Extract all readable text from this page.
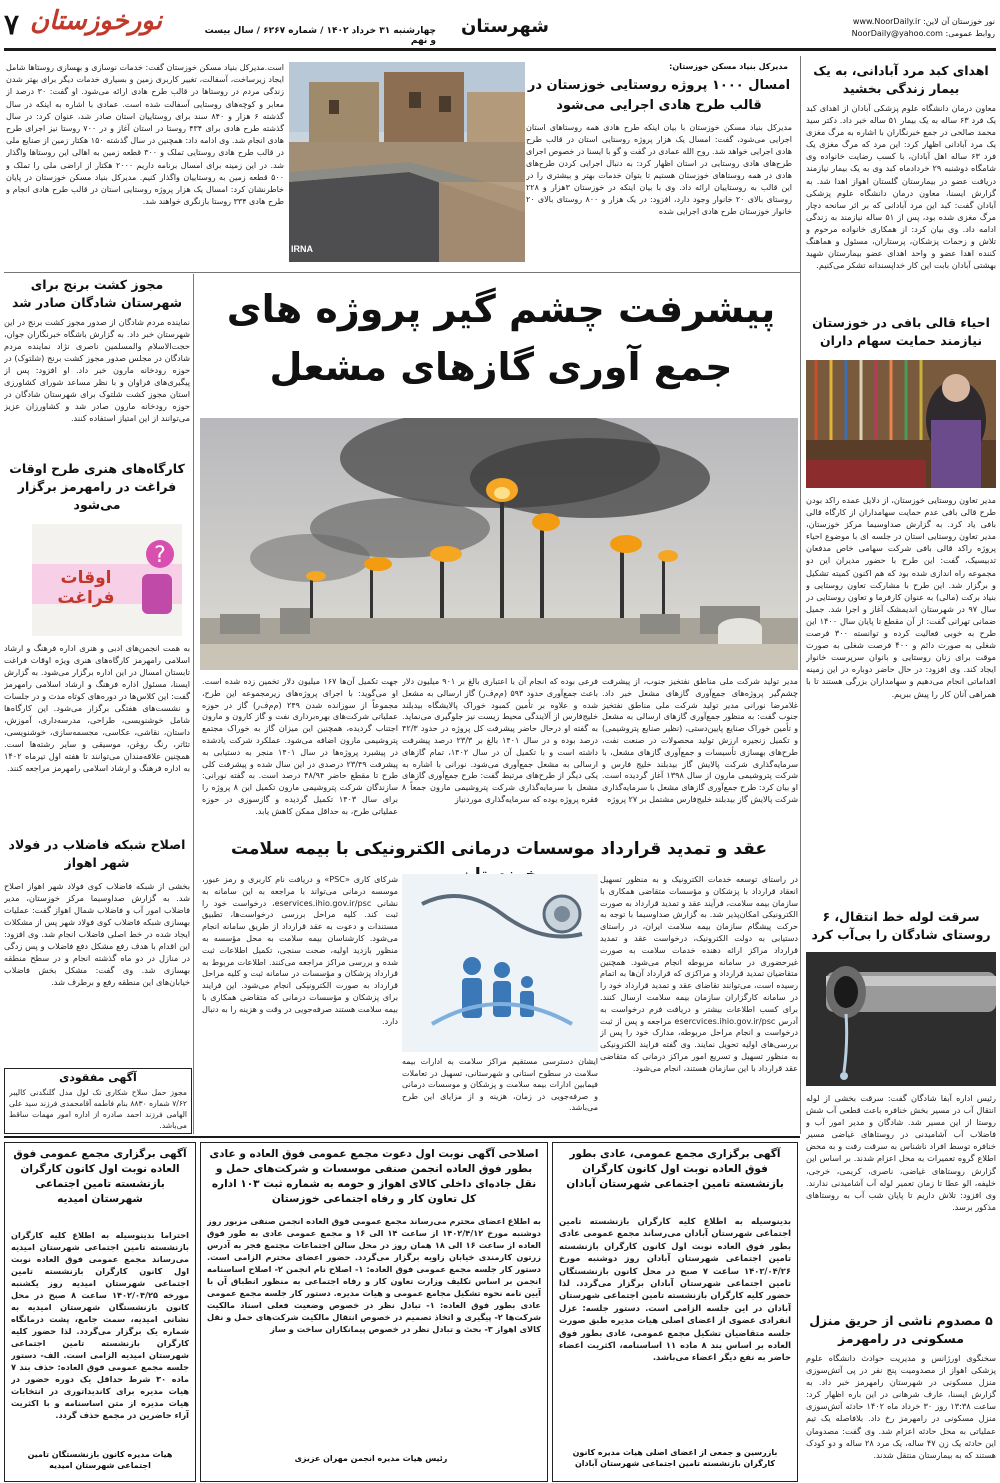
۷ نورخوزستان	چهارشنبه ۳۱ خرداد ۱۴۰۲ / شماره ۶۲۶۷ / سال بیست و نهم
شهرستان	نور خوزستان آن لاین: www.NoorDaily.ir
روابط عمومی: NoorDaily@yahoo.com
مدیرکل بنیاد مسکن خوزستان:
امسال ۱۰۰۰ پروژه روستایی خوزستان در قالب طرح هادی اجرایی می‌شود
مدیرکل بنیاد مسکن خوزستان با بیان اینکه طرح هادی همه روستاهای استان اجرایی می‌شود، گفت: امسال یک هزار پروژه روستایی استان در قالب طرح هادی اجرایی خواهد شد. روح الله عمادی در گفت و گو با ایسنا در خصوص اجرای طرح‌های هادی روستایی در استان اظهار کرد: به دنبال اجرایی کردن طرح‌های هادی در همه روستاهای خوزستان هستیم تا بتوان خدمات بهتر و بیشتری را در این قالب به روستاییان ارائه داد. وی با بیان اینکه در خوزستان ۳هزار و ۲۲۸ روستای بالای ۲۰ خانوار وجود دارد، افزود: در یک هزار و ۸۰۰ روستای بالای ۲۰ خانوار خوزستان طرح هادی اجرایی شده
IRNA
است.مدیرکل بنیاد مسکن خوزستان گفت: خدمات نوسازی و بهسازی روستاها شامل ایجاد زیرساخت، آسفالت، تغییر کاربری زمین و بسیاری خدمات دیگر برای بهتر شدن زندگی مردم در روستاها در قالب طرح هادی ارائه می‌شود. او گفت: ۳۰ درصد از معابر و کوچه‌های روستایی آسفالت شده است. عمادی با اشاره به اینکه در سال گذشته ۶ هزار و ۸۴۰ سند برای روستاییان استان صادر شد، عنوان کرد: در سال گذشته طرح هادی برای ۴۳۴ روستا در استان آغاز و در ۷۰۰ روستا نیز اجرای طرح هادی انجام شد. وی ادامه داد: همچنین در سال گذشته ۱۵۰ هکتار زمین از صنایع ملی در قالب طرح هادی روستایی تملک و ۳۰۰ قطعه زمین به اهالی این روستاها واگذار شد. در این زمینه برای امسال برنامه داریم ۲۰۰۰ هکتار از اراضی ملی را تملک و ۵۰۰ قطعه زمین به روستاییان واگذار کنیم. مدیرکل بنیاد مسکن خوزستان در پایان خاطرنشان کرد: امسال یک هزار پروژه روستایی استان در قالب طرح هادی انجام و طرح هادی ۳۳۴ روستا بازنگری خواهند شد.
اهدای کبد مرد آبادانی، به یک بیمار زندگی بخشید
معاون درمان دانشگاه علوم پزشکی آبادان از اهدای کبد یک فرد ۶۳ ساله به یک بیمار ۵۱ ساله خبر داد. دکتر سید محمد صالحی در جمع خبرنگاران با اشاره به مرگ مغزی یک مرد آبادانی اظهار کرد: این مرد که مرگ مغزی یک فرد ۶۳ ساله اهل آبادان، با کسب رضایت خانواده وی شامگاه دوشنبه ۲۹ خردادماه کبد وی به یک بیمار نیازمند دریافت عضو در بیمارستان گلستان اهواز اهدا شد. به گزارش ایسنا، معاون درمان دانشگاه علوم پزشکی آبادان گفت: کبد این مرد آبادانی که بر اثر سانحه دچار مرگ مغزی شده بود، پس از ۵۱ ساله نیازمند به زندگی ادامه داد. وی بیان کرد: از همکاری خانواده مرحوم و تلاش و زحمات پزشکان، پرستاران، مسئول و هماهنگ کننده اهدا عضو و واحد اهدای عضو بیمارستان شهید بهشتی آبادان بابت این کار خداپسندانه تشکر می‌کنیم.
احیاء قالی بافی در خوزستان نیازمند حمایت سهام داران
مدیر تعاون روستایی خوزستان، از دلایل عمده راکد بودن طرح قالی بافی عدم حمایت سهامداران از کارگاه قالی بافی یاد کرد. به گزارش صداوسیما مرکز خوزستان، مدیر تعاون روستایی استان در جلسه ای با موضوع احیاء پروژه راکد قالی بافی شرکت سهامی خاص مدفعان تدبیسیک، گفت: این طرح با حضور مدیران این دو مجموعه راه اندازی شده بود که هم اکنون کمیته تشکیل و برگزار شد. این طرح با مشارکت تعاون روستایی و بنیاد برکت (مالی) به عنوان کارفرما و تعاون روستایی در سال ۹۷ در شهرستان اندیمشک آغاز و اجرا شد. جمیل ضمانی تهرانی گفت: از آن مقطع تا پایان سال ۱۴۰۰ این طرح به خوبی فعالیت کرده و توانسته ۳۰۰ فرصت شغلی به صورت دائم و ۴۰۰ فرصت شغلی به صورت موقت برای زنان روستایی و بانوان سرپرست خانوار ایجاد کند. وی افزود: در حال حاضر دوباره در این زمینه اقداماتی انجام می‌دهیم و سهامداران بزرگی هستند تا با همراهی آنان کار را پیش ببریم.
سرقت لوله خط انتقال، ۶ روستای شادگان را بی‌آب کرد
رئیس اداره آبفا شادگان گفت: سرقت بخشی از لوله انتقال آب در مسیر بخش خنافره باعث قطعی آب شش روستا از این مسیر شد. شادگان و مدیر امور آب و فاضلاب آب آشامیدنی در روستاهای غیاضی مسیر خنافره توسط افراد ناشناس به سرقت رفت و به محض اطلاع گروه تعمیرات به محل اعزام شدند. بر اساس این گزارش روستاهای غیاضی، ناصری، کریمی، خرجی، خلیفه، الو عطا تا زمان تعمیر لوله آب آشامیدنی ندارند. وی افزود: تلاش داریم تا پایان شب آب به روستاهای مذکور برسد.
۵ مصدوم ناشی از حریق منزل مسکونی در رامهرمز
سخنگوی اورژانس و مدیریت حوادث دانشگاه علوم پزشکی اهواز از مصدومیت پنج نفر در پی آتش‌سوزی منزل مسکونی در شهرستان رامهرمز خبر داد. به گزارش ایسنا، عارف شرهانی در این باره اظهار کرد: ساعت ۱۳:۳۸ روز ۳۰ خرداد ماه ۱۴۰۲ حادثه آتش‌سوزی منزل مسکونی در رامهرمز رخ داد. بلافاصله یک تیم عملیاتی به محل حادثه اعزام شد. وی گفت: مصدومان این حادثه یک زن ۴۷ ساله، یک مرد ۲۸ ساله و دو کودک هستند که به بیمارستان منتقل شدند.
مجوز کشت برنج برای شهرستان شادگان صادر شد
نماینده مردم شادگان از صدور مجوز کشت برنج در این شهرستان خبر داد. به گزارش باشگاه خبرنگاران جوان، حجت‌الاسلام والمسلمین ناصری نژاد نماینده مردم شادگان در مجلس صدور مجوز کشت برنج (شلتوک) در حوزه رودخانه مارون خبر داد. او افزود: پس از پیگیری‌های فراوان و با نظر مساعد شورای کشاورزی استان مجوز کشت شلتوک برای شهرستان شادگان در حوزه رودخانه مارون صادر شد و کشاورزان عزیز می‌توانند از این امتیاز استفاده کنند.
کارگاه‌های هنری طرح اوقات فراغت در رامهرمز برگزار می‌شود
?
اوقات فراغت
به همت انجمن‌های ادبی و هنری اداره فرهنگ و ارشاد اسلامی رامهرمز کارگاه‌های هنری ویژه اوقات فراغت تابستان امسال در این اداره برگزار می‌شود. به گزارش ایسنا، مسئول اداره فرهنگ و ارشاد اسلامی رامهرمز گفت: این کلاس‌ها در دوره‌های کوتاه مدت و در جلسات و نشست‌های هفتگی برگزار می‌شود. این کارگاه‌ها شامل خوشنویسی، طراحی، مدرسه‌داری، آموزش، داستان، نقاشی، عکاسی، مجسمه‌سازی، خوشنویسی، تئاتر، رنگ روغن، موسیقی و سایر رشته‌ها است. همچنین علاقه‌مندان می‌توانند تا هفته اول تیرماه ۱۴۰۲ به اداره فرهنگ و ارشاد اسلامی رامهرمز مراجعه کنند.
اصلاح شبکه فاضلاب در فولاد شهر اهواز
بخشی از شبکه فاضلاب کوی فولاد شهر اهواز اصلاح شد. به گزارش صداوسیما مرکز خوزستان، مدیر فاضلاب امور آب و فاضلاب شمال اهواز گفت: عملیات بهسازی شبکه فاضلاب کوی فولاد شهر پس از مشکلات ایجاد شده در خط اصلی فاضلاب انجام شد. وی افزود: این اقدام با هدف رفع مشکل دفع فاضلاب و پس زدگی در منازل در دو ماه گذشته انجام و در سطح منطقه بهسازی شد. وی گفت: مشکل بخش فاضلاب خیابان‌های این منطقه رفع و برطرف شد.
آگهی مفقودی
مجوز حمل سلاح شکاری تک لول مدل گلنگدنی کالیبر ۷/۶۲ شماره ۸۸۳۰ بنام فاطمه آقامحمدی فرزند سید علی الهامی فرزند احمد صادره از اداره امور مهمات ساقط می‌باشد.
پیشرفت چشم گیر پروژه های جمع آوری گازهای مشعل
مدیر تولید شرکت ملی مناطق نفتخیز جنوب، از پیشرفت چشم‌گیر پروژه‌های جمع‌آوری گازهای مشعل خبر داد. غلامرضا نورانی مدیر تولید شرکت ملی مناطق نفتخیز جنوب گفت: به منظور جمع‌آوری گازهای ارسالی به مشعل و تأمین خوراک صنایع پایین‌دستی، (نظیر صنایع پتروشیمی) و تکمیل زنجیره ارزش تولید محصولات در صنعت نفت، طرح‌های بهسازی تأسیسات و جمع‌آوری گازهای مشعل، با سرمایه‌گذاری شرکت پالایش گاز بیدبلند خلیج فارس و شرکت پتروشیمی مارون از سال ۱۳۹۸ آغاز گردیده است. او بیان کرد: طرح جمع‌آوری گازهای مشعل با سرمایه‌گذاری شرکت پالایش گاز بیدبلند خلیج‌فارس مشتمل بر ۲۷ پروژه
فرعی بوده که انجام آن با اعتباری بالغ بر ۹۰۱ میلیون دلار باعث جمع‌آوری حدود ۵۹۳ (م‌م‌ف‌ر) گاز ارسالی به مشعل شده و علاوه بر تأمین کمبود خوراک پالایشگاه بیدبلند خلیج‌فارس از آلایندگی محیط زیست نیز جلوگیری می‌نماید. به گفته او درحال حاضر پیشرفت کل پروژه در حدود ۴۲/۳ درصد بوده و در سال ۱۴۰۱ بالغ بر ۲۳/۳ درصد پیشرفت داشته است و با تکمیل آن در سال ۱۴۰۲، تمام گازهای ارسالی به مشعل جمع‌آوری می‌شود. نورانی با اشاره به یکی دیگر از طرح‌های مرتبط گفت: طرح جمع‌آوری گازهای مشعل با سرمایه‌گذاری شرکت پتروشیمی مارون جمعاً ۸ فقره پروژه بوده که سرمایه‌گذاری موردنیاز
جهت تکمیل آن‌ها ۱۶۷ میلیون دلار تخمین زده شده است. او می‌گوید: با اجرای پروژه‌های زیرمجموعه این طرح، مجموعاً از سوزانده شدن ۲۴۹ (م‌م‌ف‌ر) گاز در حوزه عملیاتی شرکت‌های بهره‌برداری نفت و گاز کارون و مارون اجتناب گردیده، همچنین این میزان گاز به خوراک مجتمع پتروشیمی مارون اضافه می‌شود. عملکرد شرکت یادشده در پیشبرد پروژه‌ها در سال ۱۴۰۱ منجر به دستیابی به پیشرفت ۲۳/۴۹ درصدی در این سال شده و پیشرفت کلی طرح تا مقطع حاضر ۴۸/۹۴ درصد است. به گفته نورانی: سازندگان شرکت پتروشیمی مارون تکمیل این ۸ پروژه را برای سال ۱۴۰۳ تکمیل گردیده و گازسوزی در حوزه عملیاتی طرح، به حداقل ممکن کاهش یابد.
عقد و تمدید قرارداد موسسات درمانی الکترونیکی با بیمه سلامت
در راستای توسعه خدمات الکترونیک و به منظور تسهیل انعقاد قرارداد با پزشکان و مؤسسات متقاضی همکاری با سازمان بیمه سلامت، فرآیند عقد و تمدید قرارداد به صورت الکترونیکی امکان‌پذیر شد. به گزارش صداوسیما با توجه به حرکت پیشگام سازمان بیمه سلامت ایران، در راستای دستیابی به دولت الکترونیک، درخواست عقد و تمدید قرارداد مراکز ارائه دهنده خدمات سلامت به صورت غیرحضوری در سامانه مربوطه انجام می‌شود. همچنین متقاضیان تمدید قرارداد و مراکزی که قرارداد آن‌ها به اتمام رسیده است، می‌توانند تقاضای عقد و تمدید قرارداد خود را در سامانه کارگزاران سازمان بیمه سلامت ارسال کنند. برای کسب اطلاعات بیشتر و دریافت فرم درخواست به آدرس esercvices.ihio.gov.ir/psc مراجعه و پس از ثبت درخواست و انجام مراحل مربوطه، مدارک خود را پس از بررسی‌های اولیه تحویل نمایند. وی گفته فرایند الکترونیکی به منظور تسهیل و تسریع امور مراکز درمانی که متقاضی عقد قرارداد با این سازمان هستند، انجام می‌شود.
ایشان دسترسی مستقیم مراکز سلامت به ادارات بیمه سلامت در سطوح استانی و شهرستانی، تسهیل در تعاملات فیمابین ادارات بیمه سلامت و پزشکان و موسسات درمانی و صرفه‌جویی در زمان، هزینه و از مزایای این طرح می‌باشد.
شرکای کاری «PSC» و دریافت نام کاربری و رمز عبور، موسسه درمانی می‌تواند با مراجعه به این سامانه به نشانی eservices.ihio.gov.ir/psc، درخواست خود را ثبت کند. کلیه مراحل بررسی درخواست‌ها، تطبیق مستندات و دعوت به عقد قرارداد از طریق سامانه انجام می‌شود. کارشناسان بیمه سلامت به محل مؤسسه به منظور بازدید اولیه، صحت سنجی، تکمیل اطلاعات ثبت شده و بررسی مراکز مراجعه می‌کنند. اطلاعات مربوط به قرارداد پزشکان و مؤسسات در سامانه ثبت و کلیه مراحل قرارداد به صورت الکترونیکی انجام می‌شود. این فرایند برای پزشکان و مؤسسات درمانی که متقاضی همکاری با بیمه سلامت هستند صرفه‌جویی در وقت و هزینه را به دنبال دارد.
آگهی برگزاری مجمع عمومی، عادی بطور فوق العاده نوبت اول کانون کارگران بازنشسته تامین اجتماعی شهرستان آبادان
بدینوسیله به اطلاع کلیه کارگران بازنشسته تامین اجتماعی شهرستان آبادان می‌رساند مجمع عمومی عادی بطور فوق العاده نوبت اول کانون کارگران بازنشسته تامین اجتماعی شهرستان آبادان روز دوشنبه مورخ ۱۴۰۲/۰۴/۲۶ ساعت ۷ صبح در محل کانون بازنشستگان تامین اجتماعی شهرستان آبادان برگزار می‌گردد. لذا حضور کلیه کارگران بازنشسته تامین اجتماعی شهرستان آبادان در این جلسه الزامی است. دستور جلسه: عزل انفرادی عضوی از اعضای اصلی هیات مدیره طبق صورت جلسه متقاضیان تشکیل مجمع عمومی، عادی بطور فوق العاده بر اساس بند ۸ ماده ۱۱ اساسنامه، اکثریت اعضاء حاضر به نفع دیگر اعضاء می‌باشد.
بازرسین و جمعی از اعضای اصلی هیات مدیره کانون کارگران بازنشسته تامین اجتماعی شهرستان آبادان
اصلاحی آگهی نوبت اول دعوت مجمع عمومی فوق العاده و عادی بطور فوق العاده انجمن صنفی موسسات و شرکت‌های حمل و نقل جاده‌ای داخلی کالای اهواز و حومه به شماره ثبت ۱۰۳ اداره کل تعاون کار و رفاه اجتماعی خوزستان
به اطلاع اعضای محترم می‌رساند مجمع عمومی فوق العاده انجمن صنفی مزبور روز دوشنبه مورخ ۱۴۰۲/۴/۱۲ از ساعت ۱۴ الی ۱۶ و مجمع عمومی عادی به طور فوق العاده از ساعت ۱۶ الی ۱۸ همان روز در محل سالن اجتماعات مجتمع فجر به آدرس زرتون کارمندی خیابان زاویه برگزار می‌گردد. حضور اعضای محترم الزامی است. دستور کار جلسه مجمع عمومی فوق العاده: ۱- اصلاح نام انجمن ۲- اصلاح اساسنامه انجمن بر اساس تکلیف وزارت تعاون کار و رفاه اجتماعی به منظور انطباق آن با آیین نامه نحوه تشکیل مجامع عمومی و هیات مدیره. دستور کار جلسه مجمع عمومی عادی بطور فوق العاده: ۱- تبادل نظر در خصوص وضعیت فعلی اسناد مالکیت شرکت‌ها ۲- پیگیری و اتخاذ تصمیم در خصوص انتقال مالکیت شرکت‌های حمل و نقل کالای اهواز ۳- بحث و تبادل نظر در خصوص پیمانکاران ساخت و ساز
رئیس هیات مدیره انجمن مهران عزیزی
آگهی برگزاری مجمع عمومی فوق العاده نوبت اول کانون کارگران بازنشسته تامین اجتماعی شهرستان امیدیه
احتراما بدینوسیله به اطلاع کلیه کارگران بازنشسته تامین اجتماعی شهرستان امیدیه می‌رساند مجمع عمومی فوق العاده نوبت اول کانون کارگران بازنشسته تامین اجتماعی شهرستان امیدیه روز یکشنبه مورخه ۱۴۰۲/۰۴/۲۵ ساعت ۸ صبح در محل کانون بازنشستگان شهرستان امیدیه به نشانی امیدیه، سمت جامع، پشت درمانگاه شماره یک برگزار می‌گردد. لذا حضور کلیه کارگران بازنشسته تامین اجتماعی شهرستان امیدیه الزامی است. الف- دستور جلسه مجمع عمومی فوق العاده: حذف بند ۷ ماده ۳۰ شرط حداقل یک دوره حضور در هیات مدیره برای کاندیداتوری در انتخابات هیات مدیره از متن اساسنامه و با اکثریت آراء حاضرین در مجمع حذف گردد.
هیات مدیره کانون بازنشستگان تامین اجتماعی شهرستان امیدیه
